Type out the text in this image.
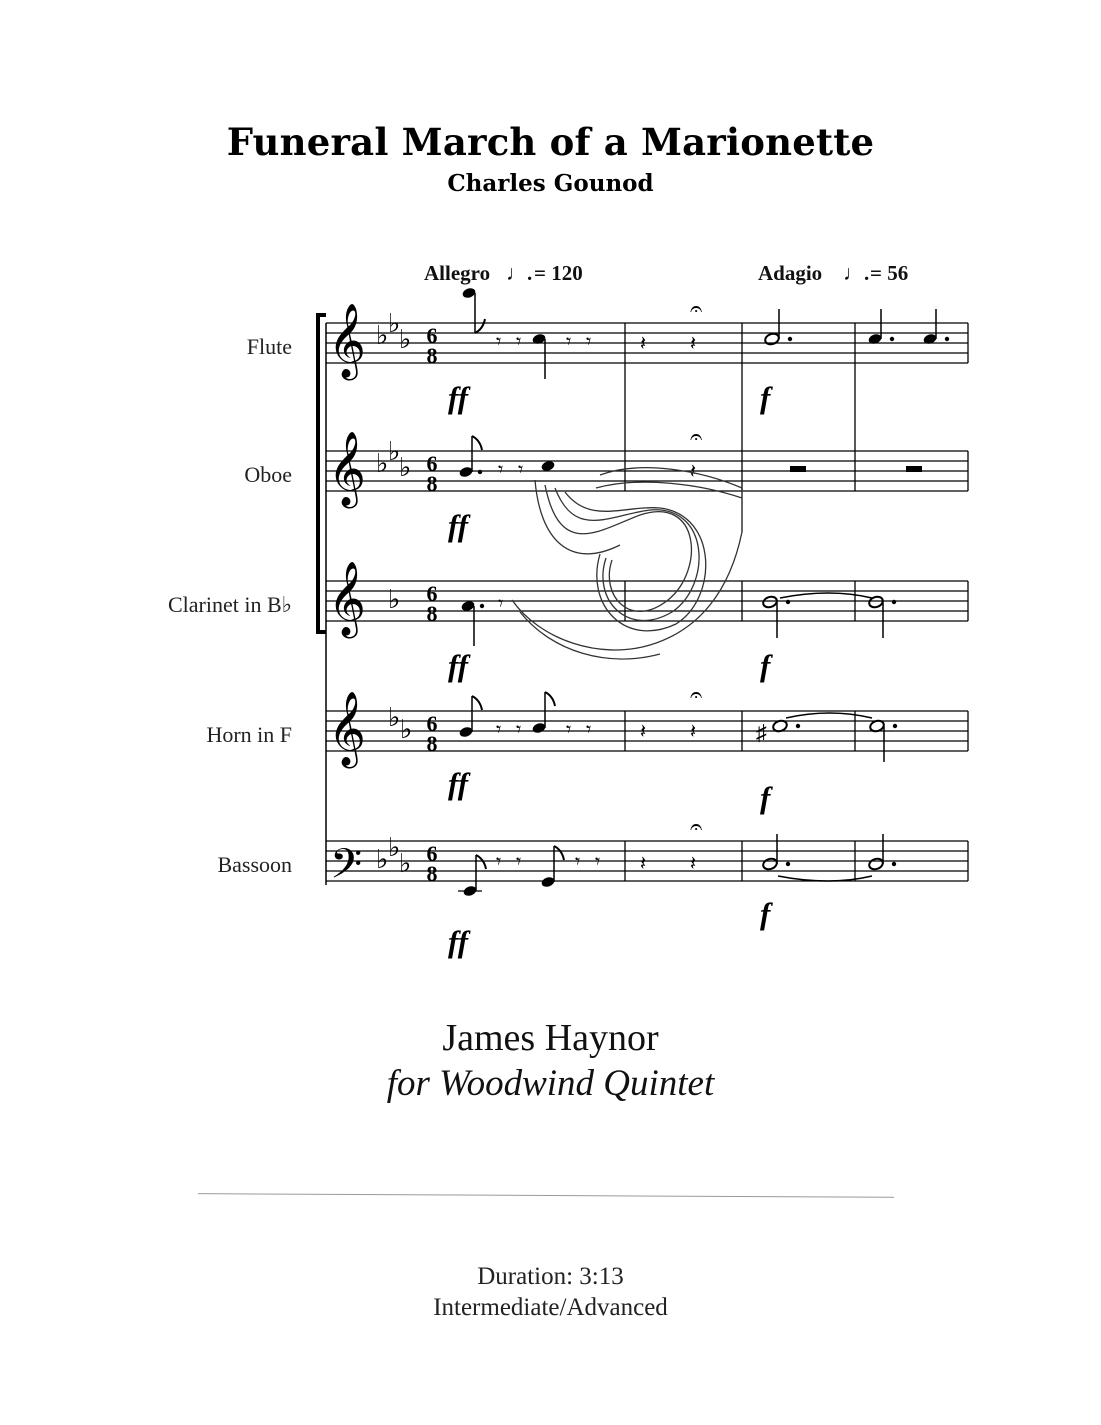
Funeral March of a Marionette
Charles Gounod
Allegro ♩. = 120	Adagio ♩. = 56
Flute
Oboe
Clarinet in B♭
Horn in F
Bassoon
𝄞
𝄞
𝄞
𝄞
𝄢
♭ ♭
♭
♭ ♭
♭
♭
♭ ♭
♭ ♭
♭
6
8
6
8
6
8
6
8
6
8
𝄾 𝄾 𝄾 𝄾 𝄽 𝄽
𝄐
𝄾 𝄾	𝄽
𝄐
𝄾
𝄾 𝄾 𝄾 𝄾 𝄽 𝄽
𝄐
♯
𝄾 𝄾	𝄾 𝄾 𝄽 𝄽
𝄐
ff	f
ff
ff	f
ff	f
ff
f
James Haynor
for Woodwind Quintet
Duration: 3:13
Intermediate/Advanced
